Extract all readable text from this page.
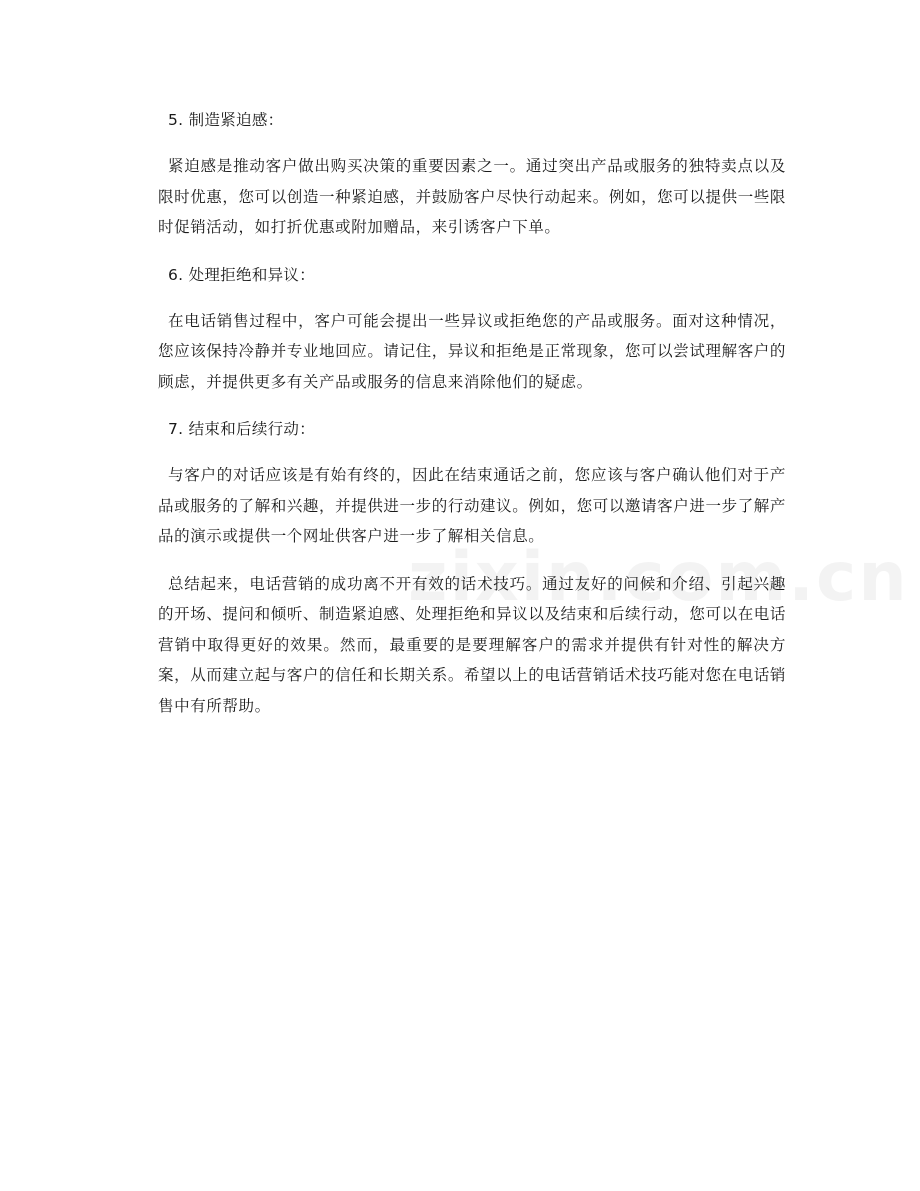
5. 制造紧迫感：

紧迫感是推动客户做出购买决策的重要因素之一。通过突出产品或服务的独特卖点以及限时优惠，您可以创造一种紧迫感，并鼓励客户尽快行动起来。例如，您可以提供一些限时促销活动，如打折优惠或附加赠品，来引诱客户下单。

6. 处理拒绝和异议：

在电话销售过程中，客户可能会提出一些异议或拒绝您的产品或服务。面对这种情况，您应该保持冷静并专业地回应。请记住，异议和拒绝是正常现象，您可以尝试理解客户的顾虑，并提供更多有关产品或服务的信息来消除他们的疑虑。

7. 结束和后续行动：

与客户的对话应该是有始有终的，因此在结束通话之前，您应该与客户确认他们对于产品或服务的了解和兴趣，并提供进一步的行动建议。例如，您可以邀请客户进一步了解产品的演示或提供一个网址供客户进一步了解相关信息。

总结起来，电话营销的成功离不开有效的话术技巧。通过友好的问候和介绍、引起兴趣的开场、提问和倾听、制造紧迫感、处理拒绝和异议以及结束和后续行动，您可以在电话营销中取得更好的效果。然而，最重要的是要理解客户的需求并提供有针对性的解决方案，从而建立起与客户的信任和长期关系。希望以上的电话营销话术技巧能对您在电话销售中有所帮助。
